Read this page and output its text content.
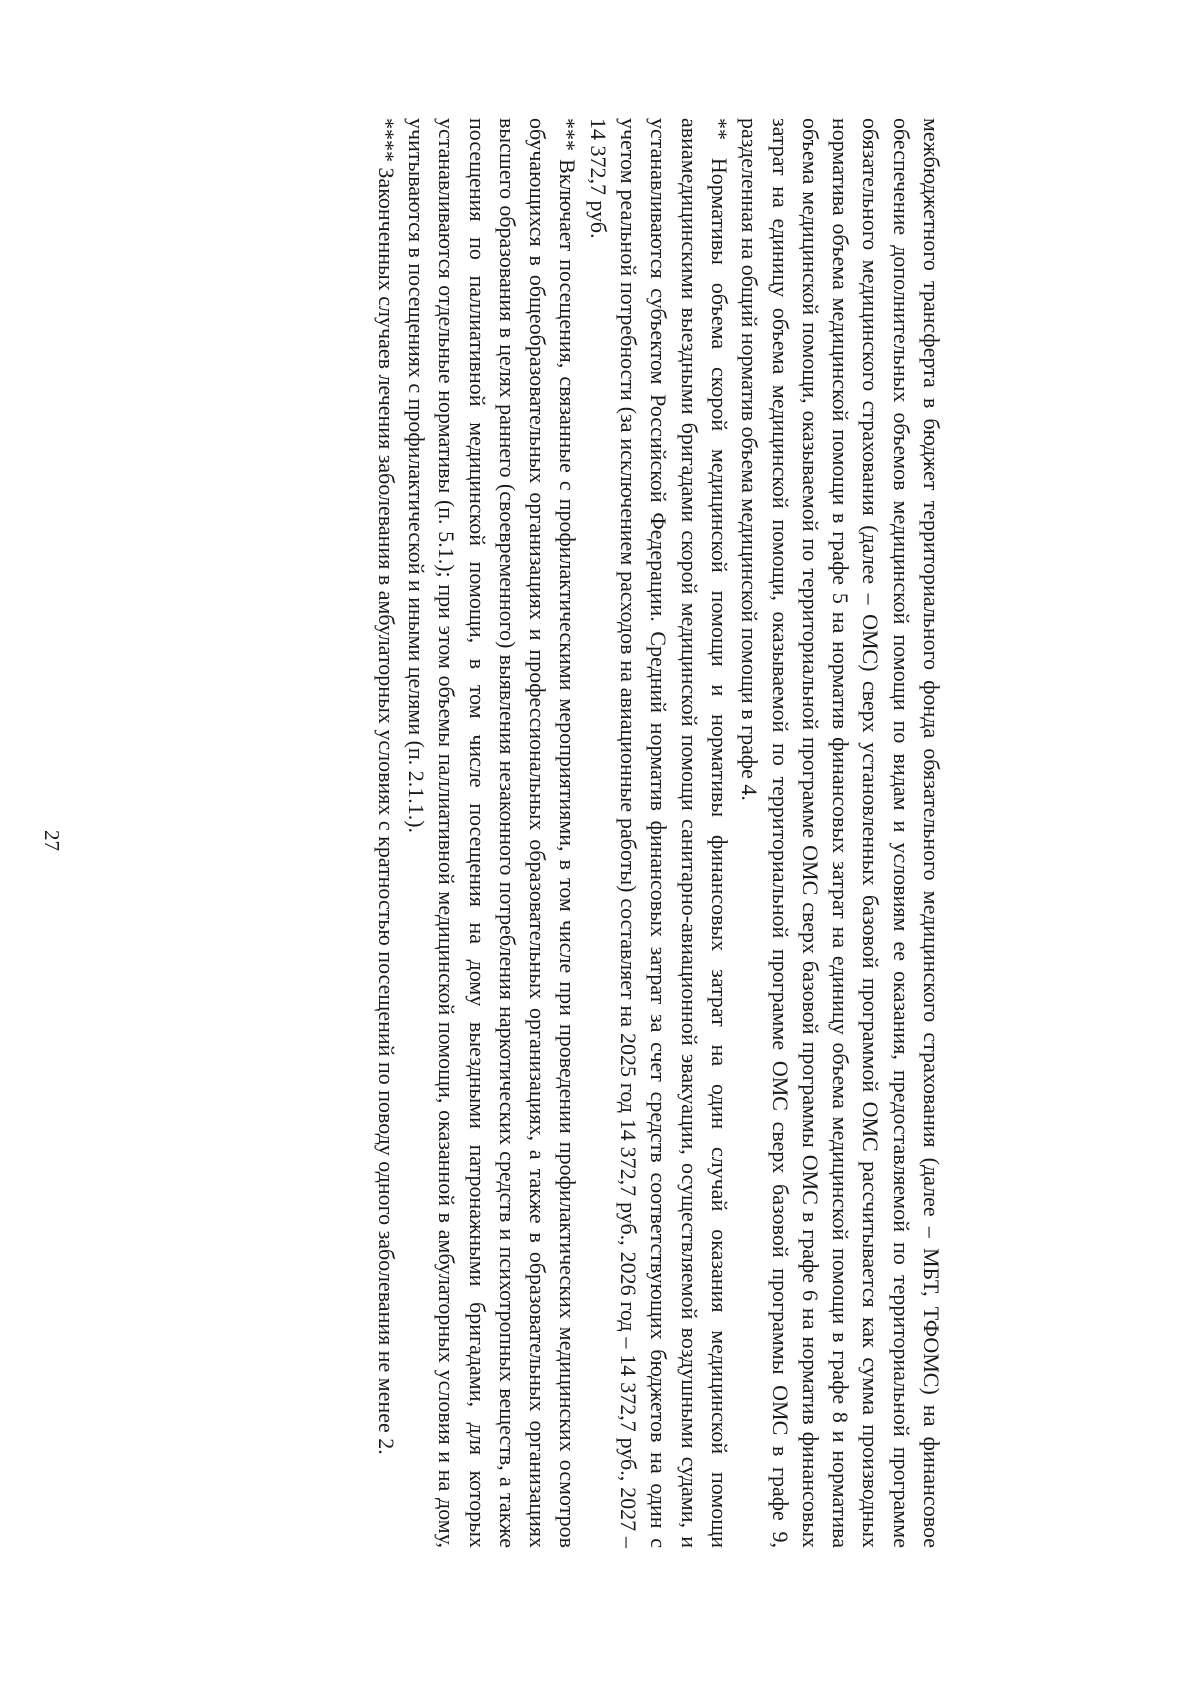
27	межбюджетного трансферта в бюджет территориального фонда обязательного медицинского страхования (далее – МБТ, ТФОМС) на финансовое обеспечение дополнительных объемов медицинской помощи по видам и условиям ее оказания, предоставляемой по территориальной программе обязательного медицинского страхования (далее – ОМС) сверх установленных базовой программой ОМС рассчитывается как сумма производных норматива объема медицинской помощи в графе 5 на норматив финансовых затрат на единицу объема медицинской помощи в графе 8 и норматива объема медицинской помощи, оказываемой по территориальной программе ОМС сверх базовой программы ОМС в графе 6 на норматив финансовых затрат на единицу объема медицинской помощи, оказываемой по территориальной программе ОМС сверх базовой программы ОМС в графе 9, разделенная на общий норматив объема медицинской помощи в графе 4.

** Нормативы объема скорой медицинской помощи и нормативы финансовых затрат на один случай оказания медицинской помощи авиамедицинскими выездными бригадами скорой медицинской помощи санитарно-авиационной эвакуации, осуществляемой воздушными судами, и устанавливаются субъектом Российской Федерации. Средний норматив финансовых затрат за счет средств соответствующих бюджетов на один с учетом реальной потребности (за исключением расходов на авиационные работы) составляет на 2025 год 14 372,7 руб., 2026 год – 14 372,7 руб., 2027 – 14 372,7 руб.

*** Включает посещения, связанные с профилактическими мероприятиями, в том числе при проведении профилактических медицинских осмотров обучающихся в общеобразовательных организациях и профессиональных образовательных организациях, а также в образовательных организациях высшего образования в целях раннего (своевременного) выявления незаконного потребления наркотических средств и психотропных веществ, а также посещения по паллиативной медицинской помощи, в том числе посещения на дому выездными патронажными бригадами, для которых устанавливаются отдельные нормативы (п. 5.1.); при этом объемы паллиативной медицинской помощи, оказанной в амбулаторных условия и на дому, учитываются в посещениях с профилактической и иными целями (п. 2.1.1.).

**** Законченных случаев лечения заболевания в амбулаторных условиях с кратностью посещений по поводу одного заболевания не менее 2.
